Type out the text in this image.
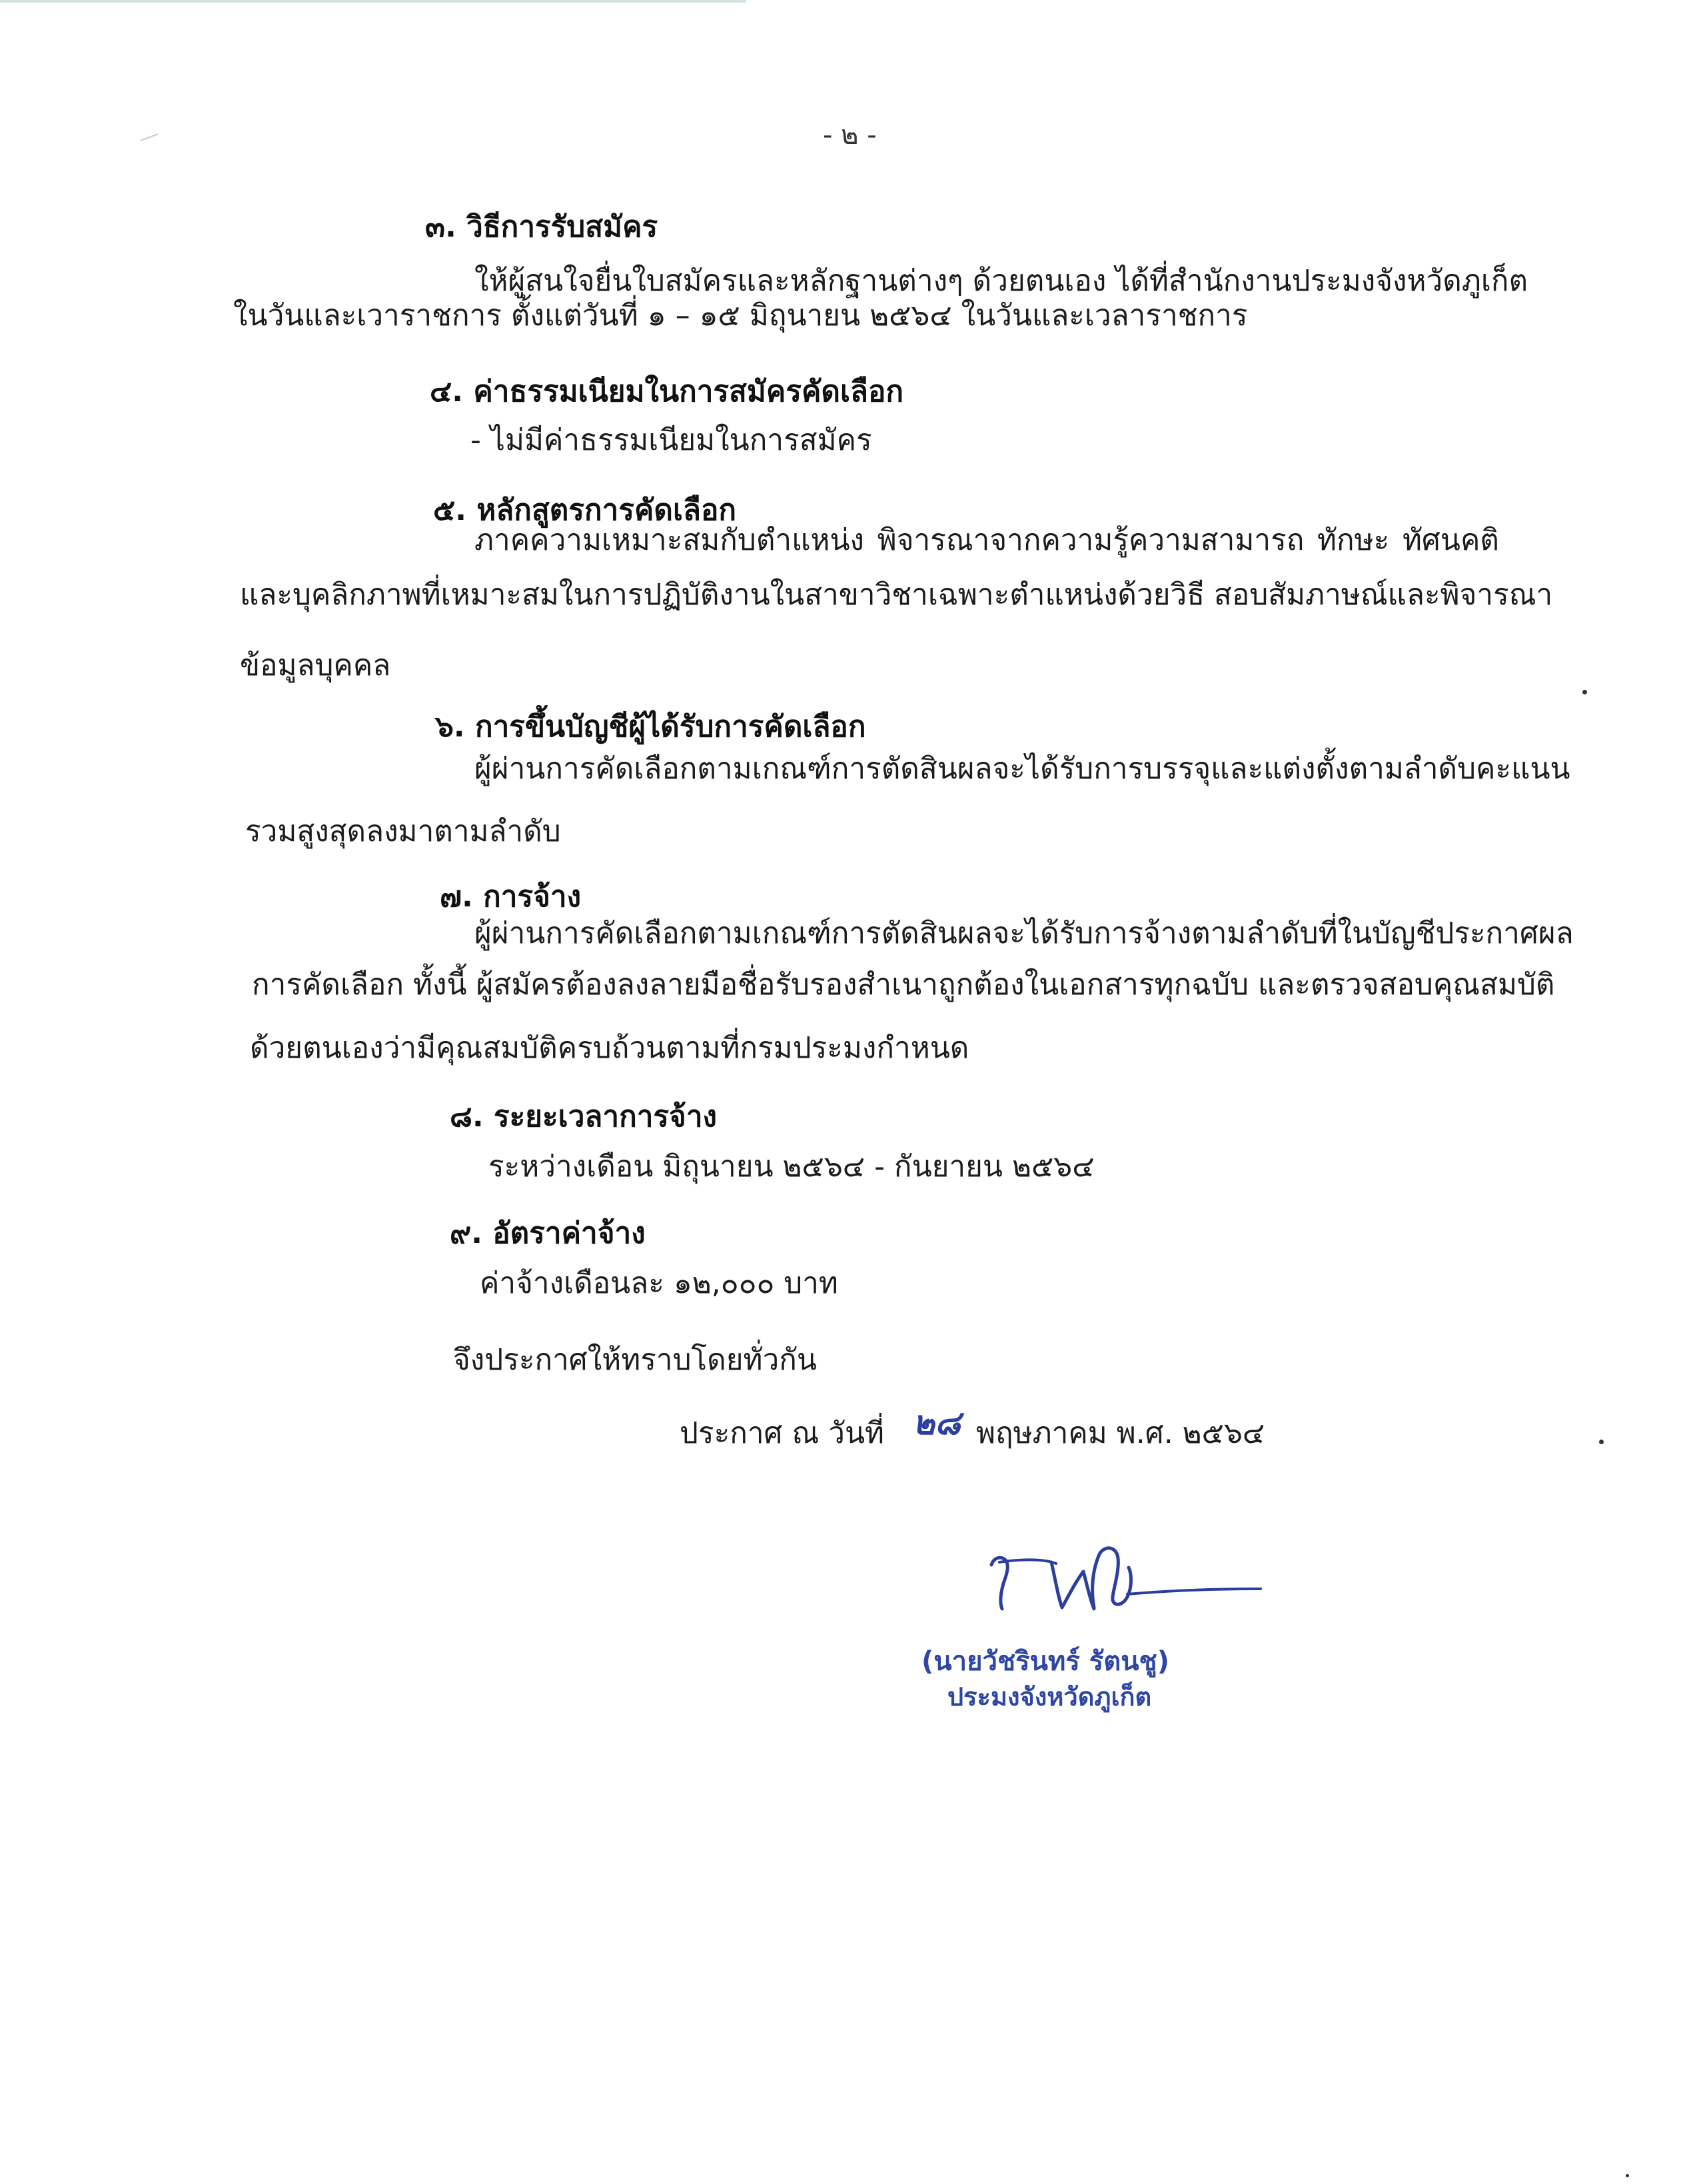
- ๒ -
๓. วิธีการรับสมัคร
ให้ผู้สนใจยื่นใบสมัครและหลักฐานต่างๆ ด้วยตนเอง ได้ที่สำนักงานประมงจังหวัดภูเก็ต
ในวันและเวาราชการ ตั้งแต่วันที่ ๑ – ๑๕ มิถุนายน ๒๕๖๔ ในวันและเวลาราชการ
๔. ค่าธรรมเนียมในการสมัครคัดเลือก
- ไม่มีค่าธรรมเนียมในการสมัคร
๕. หลักสูตรการคัดเลือก
ภาคความเหมาะสมกับตำแหน่ง พิจารณาจากความรู้ความสามารถ ทักษะ ทัศนคติ
และบุคลิกภาพที่เหมาะสมในการปฏิบัติงานในสาขาวิชาเฉพาะตำแหน่งด้วยวิธี สอบสัมภาษณ์และพิจารณา
ข้อมูลบุคคล
๖. การขึ้นบัญชีผู้ได้รับการคัดเลือก
ผู้ผ่านการคัดเลือกตามเกณฑ์การตัดสินผลจะได้รับการบรรจุและแต่งตั้งตามลำดับคะแนน
รวมสูงสุดลงมาตามลำดับ
๗. การจ้าง
ผู้ผ่านการคัดเลือกตามเกณฑ์การตัดสินผลจะได้รับการจ้างตามลำดับที่ในบัญชีประกาศผล
การคัดเลือก ทั้งนี้ ผู้สมัครต้องลงลายมือชื่อรับรองสำเนาถูกต้องในเอกสารทุกฉบับ และตรวจสอบคุณสมบัติ
ด้วยตนเองว่ามีคุณสมบัติครบถ้วนตามที่กรมประมงกำหนด
๘. ระยะเวลาการจ้าง
ระหว่างเดือน มิถุนายน ๒๕๖๔ - กันยายน ๒๕๖๔
๙. อัตราค่าจ้าง
ค่าจ้างเดือนละ ๑๒,๐๐๐ บาท
จึงประกาศให้ทราบโดยทั่วกัน
ประกาศ ณ วันที่ ๒๘ พฤษภาคม พ.ศ. ๒๕๖๔
(นายวัชรินทร์ รัตนชู)
ประมงจังหวัดภูเก็ต
